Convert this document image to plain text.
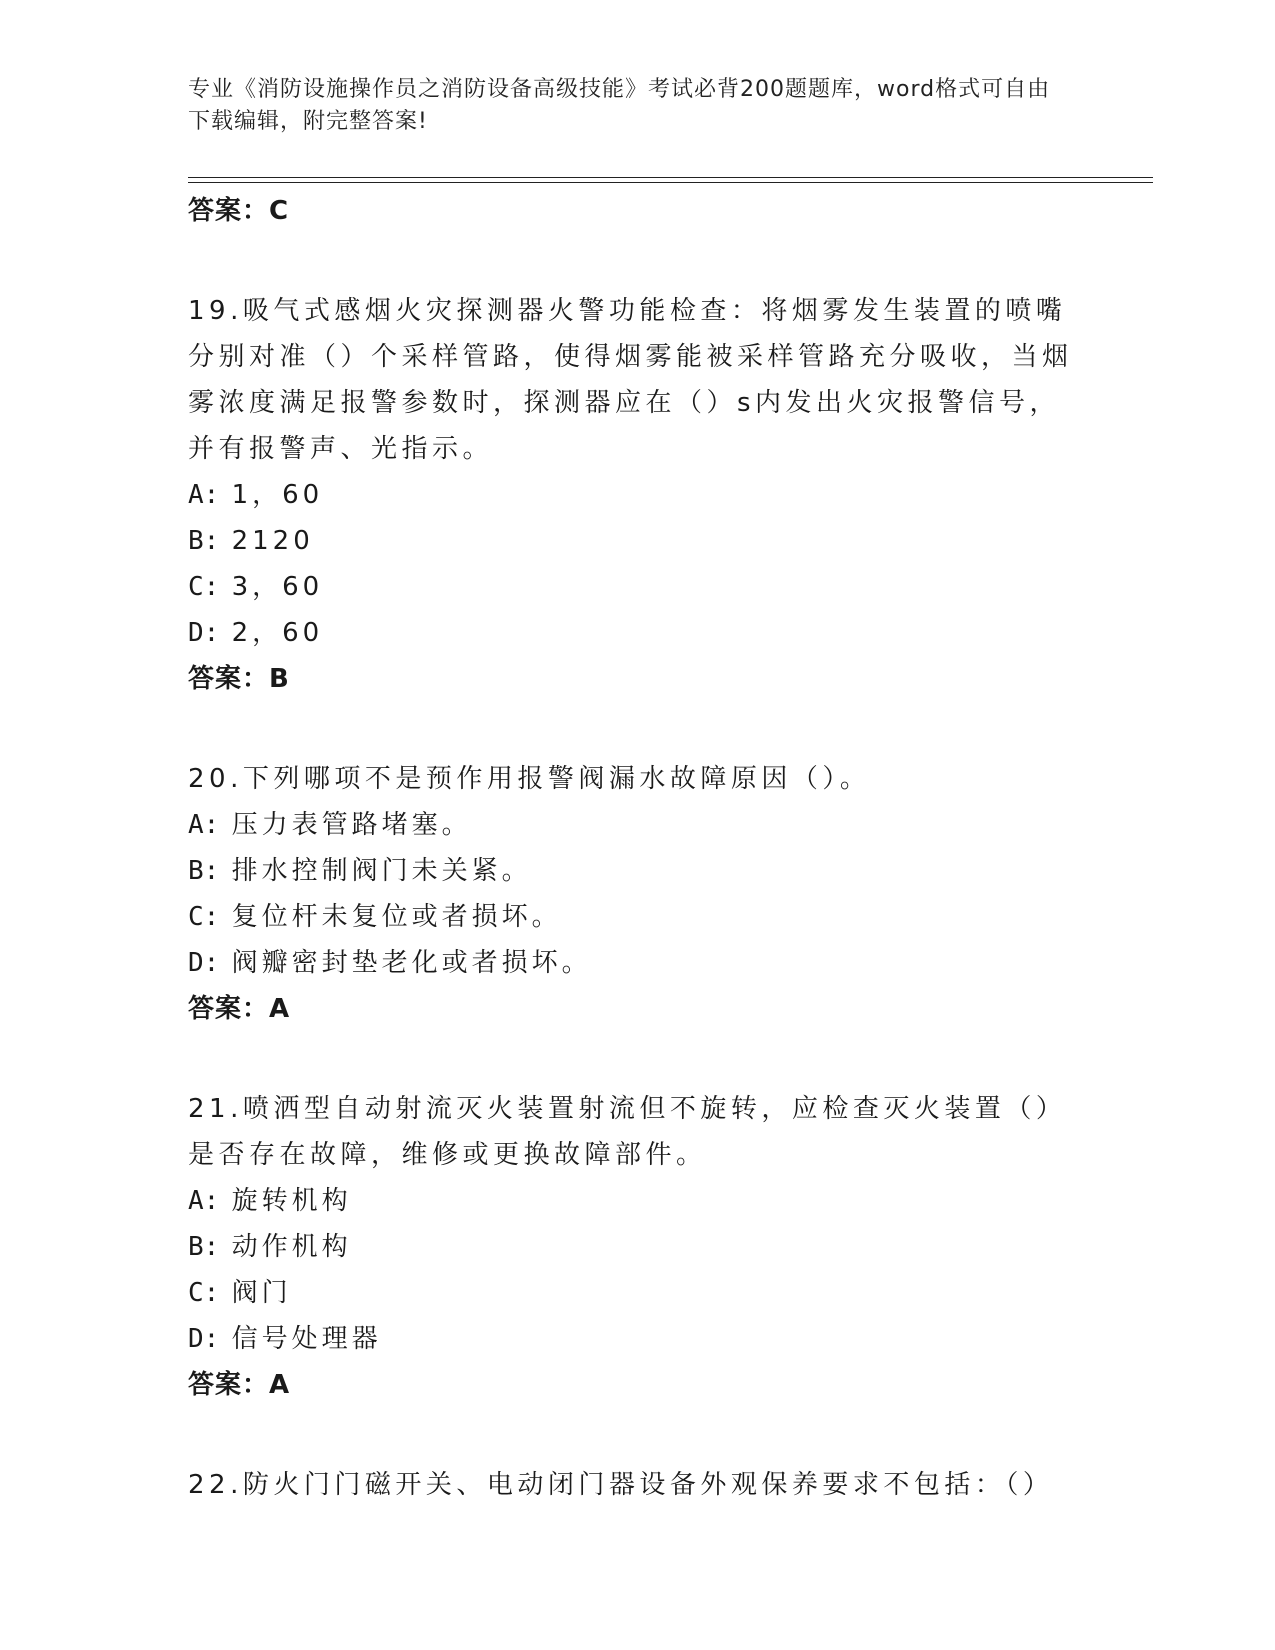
专业《消防设施操作员之消防设备高级技能》考试必背200题题库，word格式可自由下载编辑，附完整答案!
答案：C
19.吸气式感烟火灾探测器火警功能检查：将烟雾发生装置的喷嘴分别对准（）个采样管路，使得烟雾能被采样管路充分吸收，当烟雾浓度满足报警参数时，探测器应在（）s内发出火灾报警信号，并有报警声、光指示。
A: 1，60
B: 2120
C: 3，60
D: 2，60
答案：B
20.下列哪项不是预作用报警阀漏水故障原因（）。
A: 压力表管路堵塞。
B: 排水控制阀门未关紧。
C: 复位杆未复位或者损坏。
D: 阀瓣密封垫老化或者损坏。
答案：A
21.喷洒型自动射流灭火装置射流但不旋转，应检查灭火装置（）是否存在故障，维修或更换故障部件。
A: 旋转机构
B: 动作机构
C: 阀门
D: 信号处理器
答案：A
22.防火门门磁开关、电动闭门器设备外观保养要求不包括：（）
